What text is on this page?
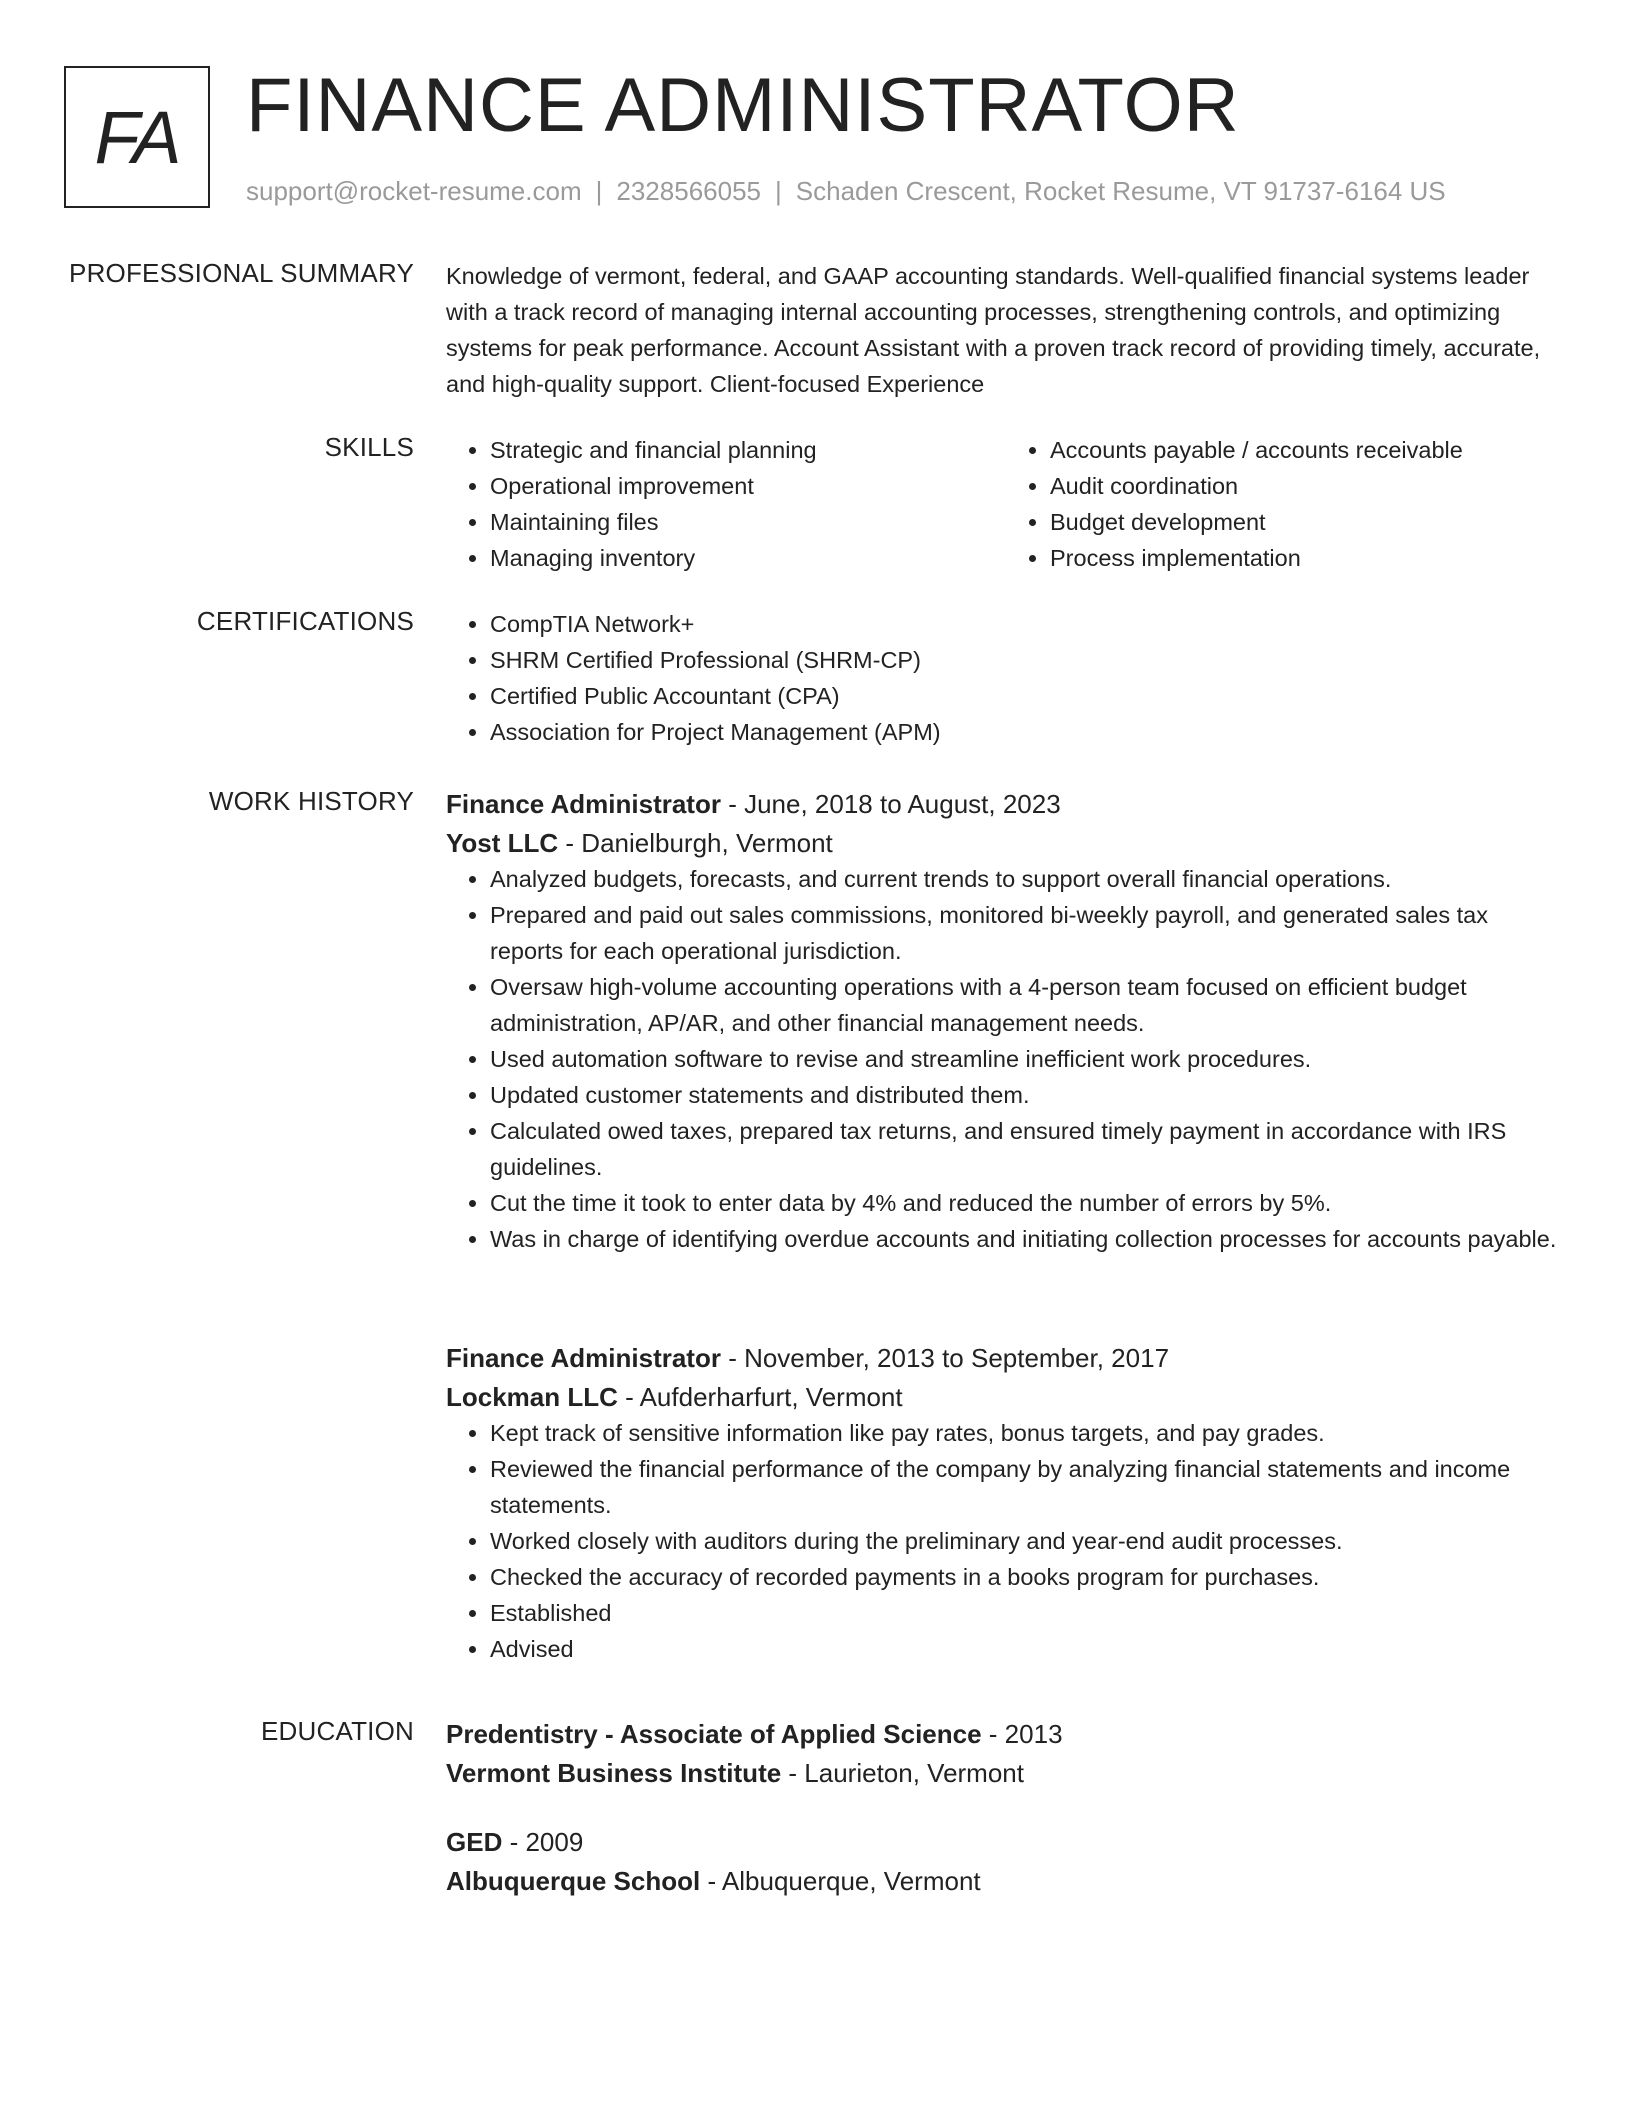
FA FINANCE ADMINISTRATOR
support@rocket-resume.com | 2328566055 | Schaden Crescent, Rocket Resume, VT 91737-6164 US
PROFESSIONAL SUMMARY Knowledge of vermont, federal, and GAAP accounting standards. Well-qualified financial systems leader with a track record of managing internal accounting processes, strengthening controls, and optimizing systems for peak performance. Account Assistant with a proven track record of providing timely, accurate, and high-quality support. Client-focused Experience

SKILLS	• Strategic and financial planning
• Operational improvement
• Maintaining files
• Managing inventory
• Accounts payable / accounts receivable
• Audit coordination
• Budget development
• Process implementation
CERTIFICATIONS	• CompTIA Network+
• SHRM Certified Professional (SHRM-CP)
• Certified Public Accountant (CPA)
• Association for Project Management (APM)
WORK HISTORY Finance Administrator - June, 2018 to August, 2023
Yost LLC - Danielburgh, Vermont
• Analyzed budgets, forecasts, and current trends to support overall financial operations.
• Prepared and paid out sales commissions, monitored bi-weekly payroll, and generated sales tax reports for each operational jurisdiction.
• Oversaw high-volume accounting operations with a 4-person team focused on efficient budget administration, AP/AR, and other financial management needs.
• Used automation software to revise and streamline inefficient work procedures.
• Updated customer statements and distributed them.
• Calculated owed taxes, prepared tax returns, and ensured timely payment in accordance with IRS guidelines.
• Cut the time it took to enter data by 4% and reduced the number of errors by 5%.
• Was in charge of identifying overdue accounts and initiating collection processes for accounts payable.
Finance Administrator - November, 2013 to September, 2017
Lockman LLC - Aufderharfurt, Vermont
• Kept track of sensitive information like pay rates, bonus targets, and pay grades.
• Reviewed the financial performance of the company by analyzing financial statements and income statements.
• Worked closely with auditors during the preliminary and year-end audit processes.
• Checked the accuracy of recorded payments in a books program for purchases.
• Established
• Advised
EDUCATION Predentistry - Associate of Applied Science - 2013
Vermont Business Institute - Laurieton, Vermont
GED - 2009
Albuquerque School - Albuquerque, Vermont
